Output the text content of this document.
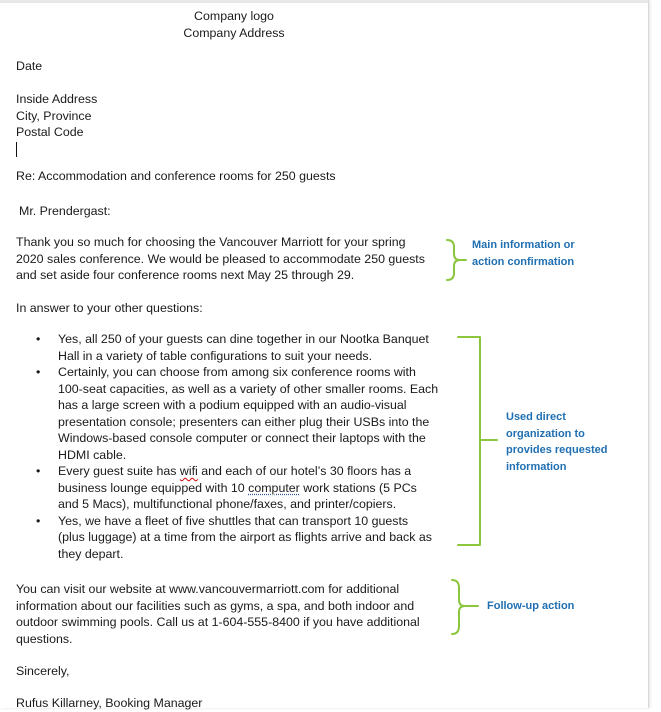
Company logo

Company Address

Date

Inside Address

City, Province

Postal Code

Re: Accommodation and conference rooms for 250 guests

Mr. Prendergast:

Thank you so much for choosing the Vancouver Marriott for your spring

2020 sales conference. We would be pleased to accommodate 250 guests

and set aside four conference rooms next May 25 through 29.

In answer to your other questions:

• Yes, all 250 of your guests can dine together in our Nootka Banquet
Hall in a variety of table configurations to suit your needs.
• Certainly, you can choose from among six conference rooms with
100-seat capacities, as well as a variety of other smaller rooms. Each
has a large screen with a podium equipped with an audio-visual
presentation console; presenters can either plug their USBs into the
Windows-based console computer or connect their laptops with the
HDMI cable.
• Every guest suite has wifi and each of our hotel’s 30 floors has a
business lounge equipped with 10 computer work stations (5 PCs
and 5 Macs), multifunctional phone/faxes, and printer/copiers.
• Yes, we have a fleet of five shuttles that can transport 10 guests
(plus luggage) at a time from the airport as flights arrive and back as
they depart.

You can visit our website at www.vancouvermarriott.com for additional

information about our facilities such as gyms, a spa, and both indoor and

outdoor swimming pools. Call us at 1-604-555-8400 if you have additional

questions.

Sincerely,

Rufus Killarney, Booking Manager

Main information or
action confirmation
Used direct
organization to
provides requested
information
Follow-up action
